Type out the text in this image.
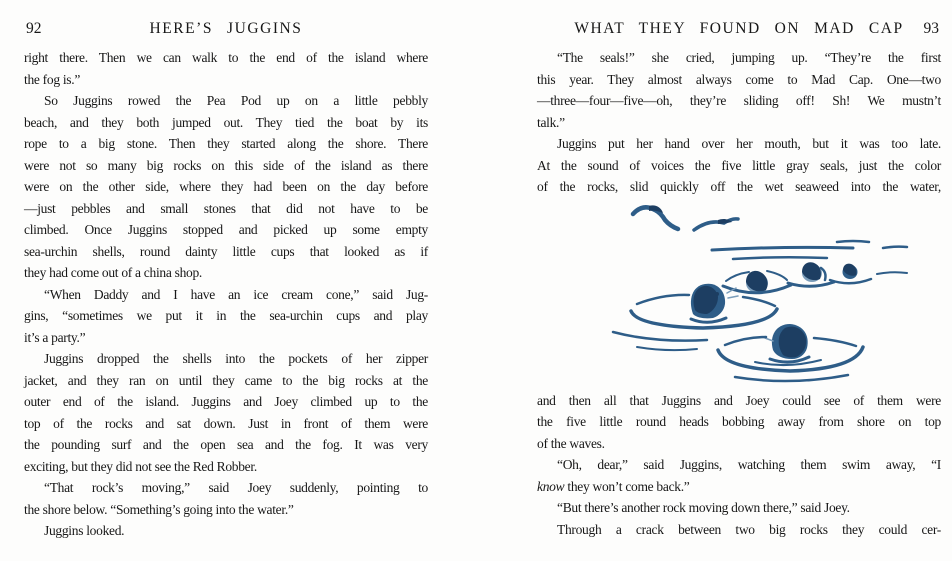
92	HERE’S JUGGINS
right there. Then we can walk to the end of the island where
the fog is.”
So Juggins rowed the Pea Pod up on a little pebbly
beach, and they both jumped out. They tied the boat by its
rope to a big stone. Then they started along the shore. There
were not so many big rocks on this side of the island as there
were on the other side, where they had been on the day before
—just pebbles and small stones that did not have to be
climbed. Once Juggins stopped and picked up some empty
sea-urchin shells, round dainty little cups that looked as if
they had come out of a china shop.
“When Daddy and I have an ice cream cone,” said Jug-
gins, “sometimes we put it in the sea-urchin cups and play
it’s a party.”
Juggins dropped the shells into the pockets of her zipper
jacket, and they ran on until they came to the big rocks at the
outer end of the island. Juggins and Joey climbed up to the
top of the rocks and sat down. Just in front of them were
the pounding surf and the open sea and the fog. It was very
exciting, but they did not see the Red Robber.
“That rock’s moving,” said Joey suddenly, pointing to
the shore below. “Something’s going into the water.”
Juggins looked.
WHAT THEY FOUND ON MAD CAP	93
“The seals!” she cried, jumping up. “They’re the first
this year. They almost always come to Mad Cap. One—two
—three—four—five—oh, they’re sliding off! Sh! We mustn’t
talk.”
Juggins put her hand over her mouth, but it was too late.
At the sound of voices the five little gray seals, just the color
of the rocks, slid quickly off the wet seaweed into the water,
and then all that Juggins and Joey could see of them were
the five little round heads bobbing away from shore on top
of the waves.
“Oh, dear,” said Juggins, watching them swim away, “I
know they won’t come back.”
“But there’s another rock moving down there,” said Joey.
Through a crack between two big rocks they could cer-
